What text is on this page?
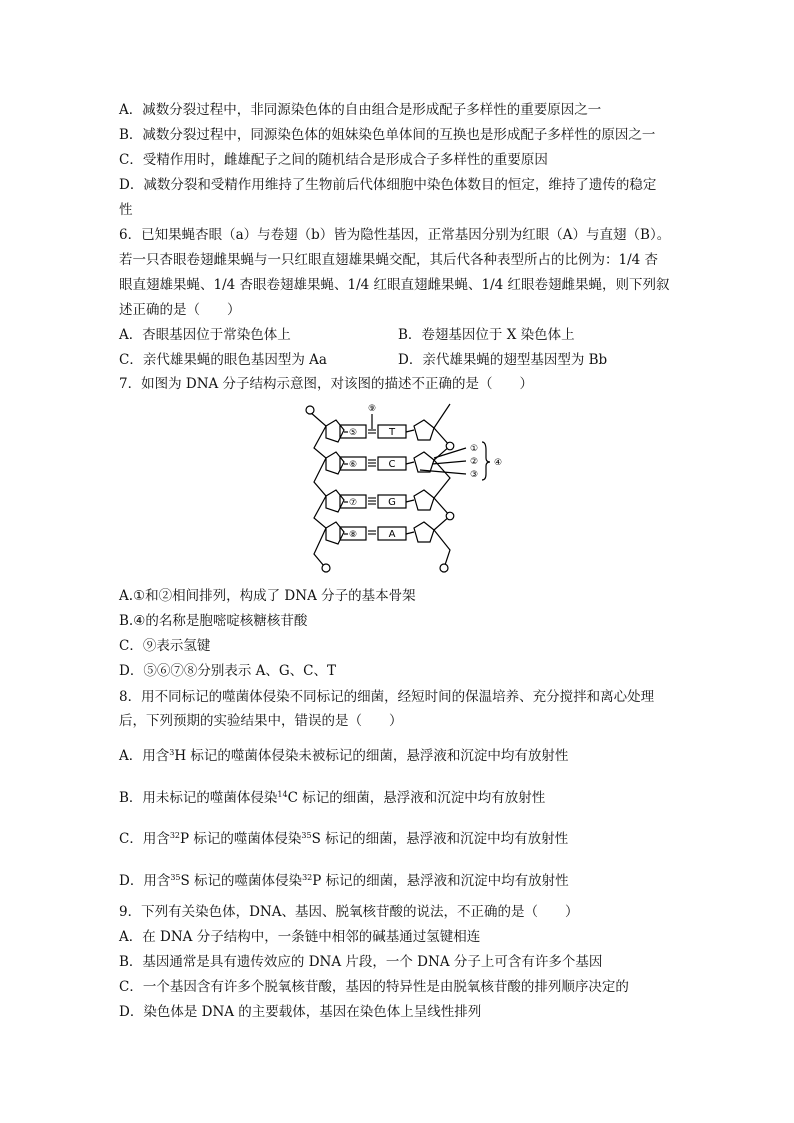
A．减数分裂过程中，非同源染色体的自由组合是形成配子多样性的重要原因之一
B．减数分裂过程中，同源染色体的姐妹染色单体间的互换也是形成配子多样性的原因之一
C．受精作用时，雌雄配子之间的随机结合是形成合子多样性的重要原因
D．减数分裂和受精作用维持了生物前后代体细胞中染色体数目的恒定，维持了遗传的稳定
性
6．已知果蝇杏眼（a）与卷翅（b）皆为隐性基因，正常基因分别为红眼（A）与直翅（B）。
若一只杏眼卷翅雌果蝇与一只红眼直翅雄果蝇交配，其后代各种表型所占的比例为：1/4 杏
眼直翅雄果蝇、1/4 杏眼卷翅雄果蝇、1/4 红眼直翅雌果蝇、1/4 红眼卷翅雌果蝇，则下列叙
述正确的是（　　）
A．杏眼基因位于常染色体上	B．卷翅基因位于 X 染色体上
C．亲代雄果蝇的眼色基因型为 Aa	D．亲代雄果蝇的翅型基因型为 Bb
7．如图为 DNA 分子结构示意图，对该图的描述不正确的是（　　）
⑤
⑥
⑦
⑧
T
C
G
A
⑨
①
②
③
④
A.①和②相间排列，构成了 DNA 分子的基本骨架
B.④的名称是胞嘧啶核糖核苷酸
C．⑨表示氢键
D．⑤⑥⑦⑧分别表示 A、G、C、T
8．用不同标记的噬菌体侵染不同标记的细菌，经短时间的保温培养、充分搅拌和离心处理
后，下列预期的实验结果中，错误的是（　　）
A．用含$^3$H 标记的噬菌体侵染未被标记的细菌，悬浮液和沉淀中均有放射性
B．用未标记的噬菌体侵染$^{14}$C 标记的细菌，悬浮液和沉淀中均有放射性
C．用含$^{32}$P 标记的噬菌体侵染$^{35}$S 标记的细菌，悬浮液和沉淀中均有放射性
D．用含$^{35}$S 标记的噬菌体侵染$^{32}$P 标记的细菌，悬浮液和沉淀中均有放射性
9．下列有关染色体，DNA、基因、脱氧核苷酸的说法，不正确的是（　　）
A．在 DNA 分子结构中，一条链中相邻的碱基通过氢键相连
B．基因通常是具有遗传效应的 DNA 片段，一个 DNA 分子上可含有许多个基因
C．一个基因含有许多个脱氧核苷酸，基因的特异性是由脱氧核苷酸的排列顺序决定的
D．染色体是 DNA 的主要载体，基因在染色体上呈线性排列
